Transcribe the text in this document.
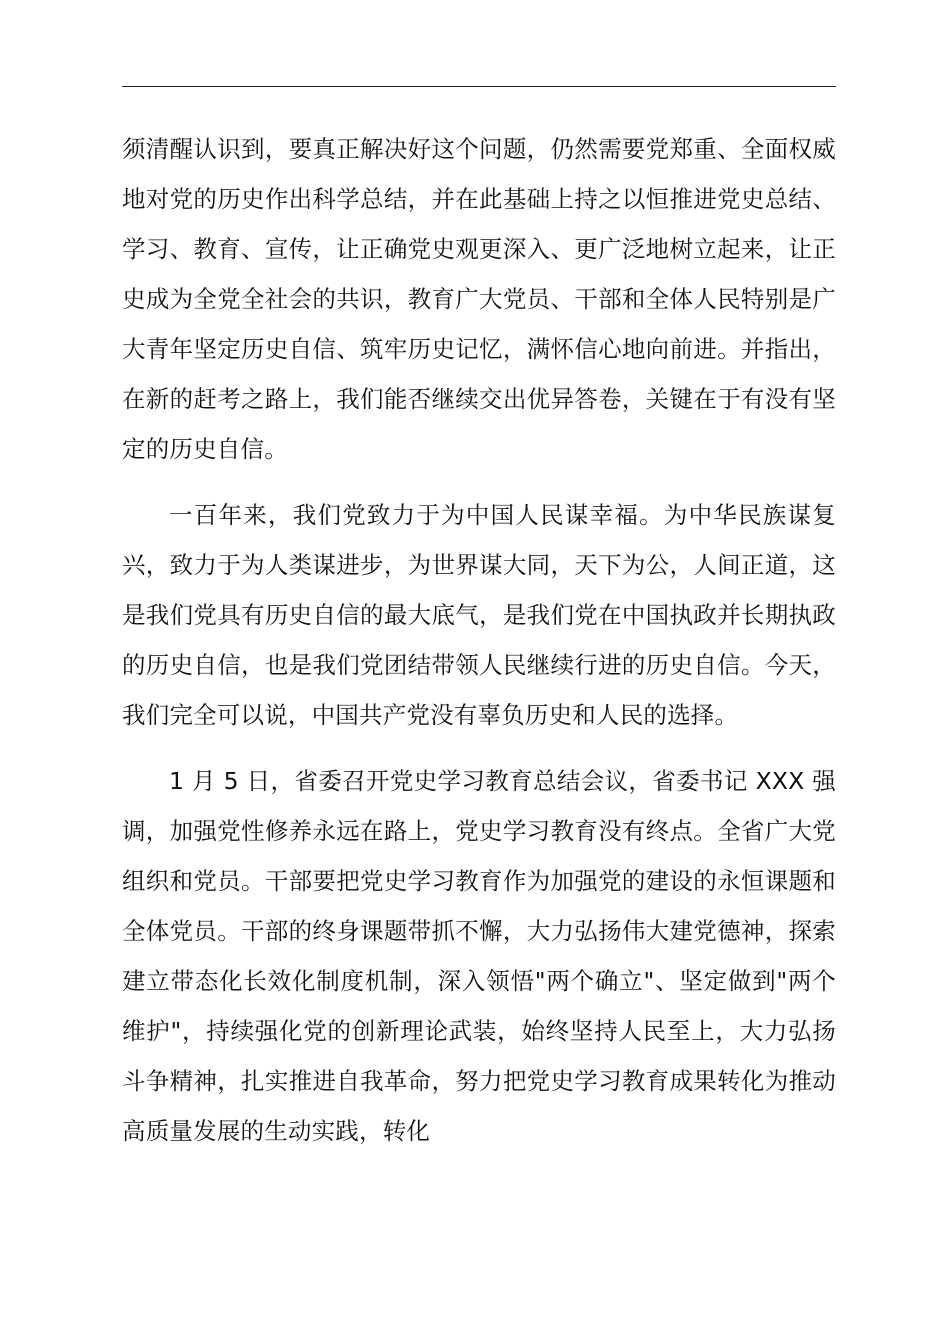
须清醒认识到，要真正解决好这个问题，仍然需要党郑重、全面权威地对党的历史作出科学总结，并在此基础上持之以恒推进党史总结、学习、教育、宣传，让正确党史观更深入、更广泛地树立起来，让正史成为全党全社会的共识，教育广大党员、干部和全体人民特别是广大青年坚定历史自信、筑牢历史记忆，满怀信心地向前进。并指出，在新的赶考之路上，我们能否继续交出优异答卷，关键在于有没有坚定的历史自信。

一百年来，我们党致力于为中国人民谋幸福。为中华民族谋复兴，致力于为人类谋进步，为世界谋大同，天下为公，人间正道，这是我们党具有历史自信的最大底气，是我们党在中国执政并长期执政的历史自信，也是我们党团结带领人民继续行进的历史自信。今天，我们完全可以说，中国共产党没有辜负历史和人民的选择。

1 月 5 日，省委召开党史学习教育总结会议，省委书记 XXX 强调，加强党性修养永远在路上，党史学习教育没有终点。全省广大党组织和党员。干部要把党史学习教育作为加强党的建设的永恒课题和全体党员。干部的终身课题带抓不懈，大力弘扬伟大建党德神，探索建立带态化长效化制度机制，深入领悟"两个确立"、坚定做到"两个维护"，持续强化党的创新理论武装，始终坚持人民至上，大力弘扬斗争精神，扎实推进自我革命，努力把党史学习教育成果转化为推动高质量发展的生动实践，转化
